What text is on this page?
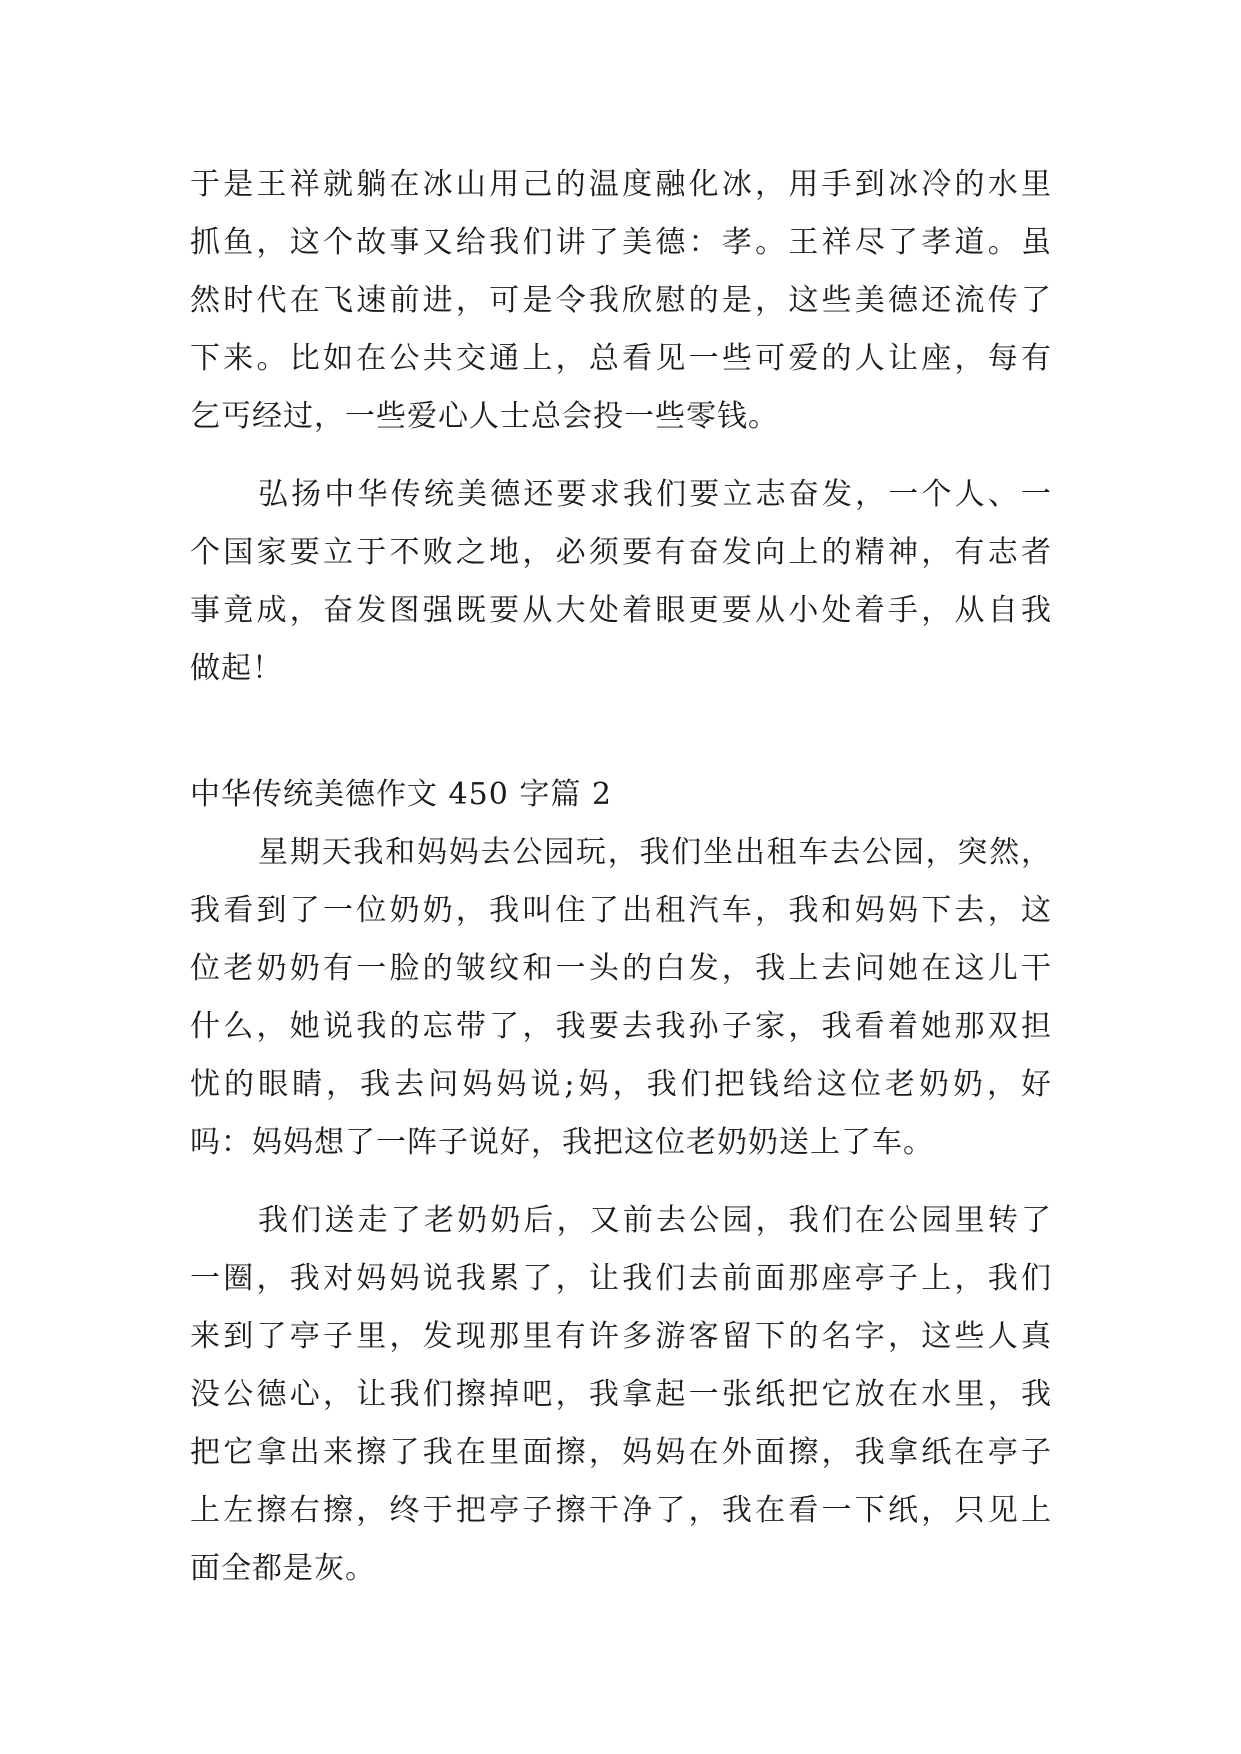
于是王祥就躺在冰山用己的温度融化冰，用手到冰冷的水里
抓鱼，这个故事又给我们讲了美德：孝。王祥尽了孝道。虽
然时代在飞速前进，可是令我欣慰的是，这些美德还流传了
下来。比如在公共交通上，总看见一些可爱的人让座，每有
乞丐经过，一些爱心人士总会投一些零钱。
弘扬中华传统美德还要求我们要立志奋发，一个人、一
个国家要立于不败之地，必须要有奋发向上的精神，有志者
事竟成，奋发图强既要从大处着眼更要从小处着手，从自我
做起！
中华传统美德作文 450 字篇 2
星期天我和妈妈去公园玩，我们坐出租车去公园，突然，
我看到了一位奶奶，我叫住了出租汽车，我和妈妈下去，这
位老奶奶有一脸的皱纹和一头的白发，我上去问她在这儿干
什么，她说我的忘带了，我要去我孙子家，我看着她那双担
忧的眼睛，我去问妈妈说;妈，我们把钱给这位老奶奶，好
吗：妈妈想了一阵子说好，我把这位老奶奶送上了车。
我们送走了老奶奶后，又前去公园，我们在公园里转了
一圈，我对妈妈说我累了，让我们去前面那座亭子上，我们
来到了亭子里，发现那里有许多游客留下的名字，这些人真
没公德心，让我们擦掉吧，我拿起一张纸把它放在水里，我
把它拿出来擦了我在里面擦，妈妈在外面擦，我拿纸在亭子
上左擦右擦，终于把亭子擦干净了，我在看一下纸，只见上
面全都是灰。
